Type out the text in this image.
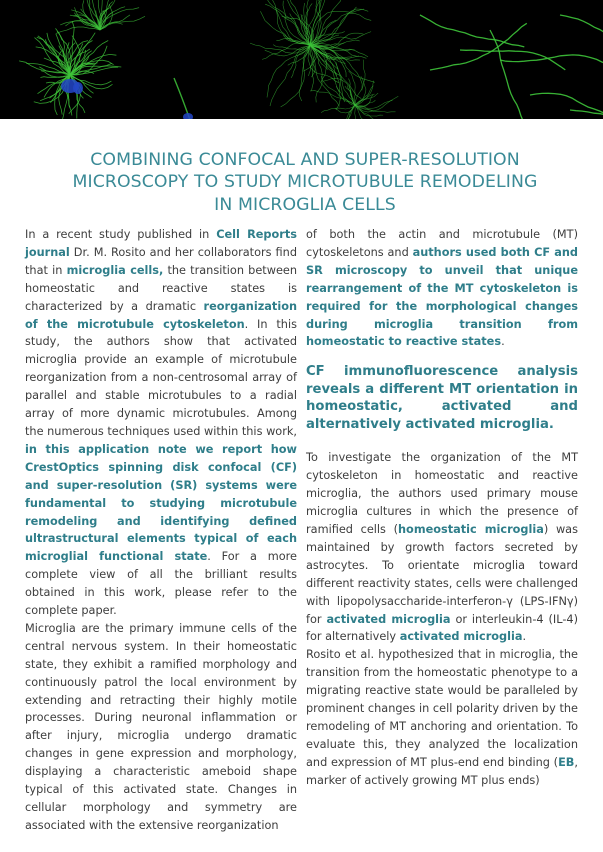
COMBINING CONFOCAL AND SUPER-RESOLUTION
MICROSCOPY TO STUDY MICROTUBULE REMODELING
IN MICROGLIA CELLS

In a recent study published in Cell Reports journal Dr. M. Rosito and her collaborators find that in microglia cells, the transition between homeostatic and reactive states is characterized by a dramatic reorganization of the microtubule cytoskeleton. In this study, the authors show that activated microglia provide an example of microtubule reorganization from a non-centrosomal array of parallel and stable microtubules to a radial array of more dynamic microtubules. Among the numerous techniques used within this work, in this application note we report how CrestOptics spinning disk confocal (CF) and super-resolution (SR) systems were fundamental to studying microtubule remodeling and identifying defined ultrastructural elements typical of each microglial functional state. For a more complete view of all the brilliant results obtained in this work, please refer to the complete paper.

Microglia are the primary immune cells of the central nervous system. In their homeostatic state, they exhibit a ramified morphology and continuously patrol the local environment by extending and retracting their highly motile processes. During neuronal inflammation or after injury, microglia undergo dramatic changes in gene expression and morphology, displaying a characteristic ameboid shape typical of this activated state. Changes in cellular morphology and symmetry are associated with the extensive reorganization

of both the actin and microtubule (MT) cytoskeletons and authors used both CF and SR microscopy to unveil that unique rearrangement of the MT cytoskeleton is required for the morphological changes during microglia transition from homeostatic to reactive states.

CF immunofluorescence analysis reveals a different MT orientation in homeostatic, activated and alternatively activated microglia.

To investigate the organization of the MT cytoskeleton in homeostatic and reactive microglia, the authors used primary mouse microglia cultures in which the presence of ramified cells (homeostatic microglia) was maintained by growth factors secreted by astrocytes. To orientate microglia toward different reactivity states, cells were challenged with lipopolysaccharide-interferon-γ (LPS-IFNγ) for activated microglia or interleukin-4 (IL-4) for alternatively activated microglia.

Rosito et al. hypothesized that in microglia, the transition from the homeostatic phenotype to a migrating reactive state would be paralleled by prominent changes in cell polarity driven by the remodeling of MT anchoring and orientation. To evaluate this, they analyzed the localization and expression of MT plus-end end binding (EB, marker of actively growing MT plus ends)
